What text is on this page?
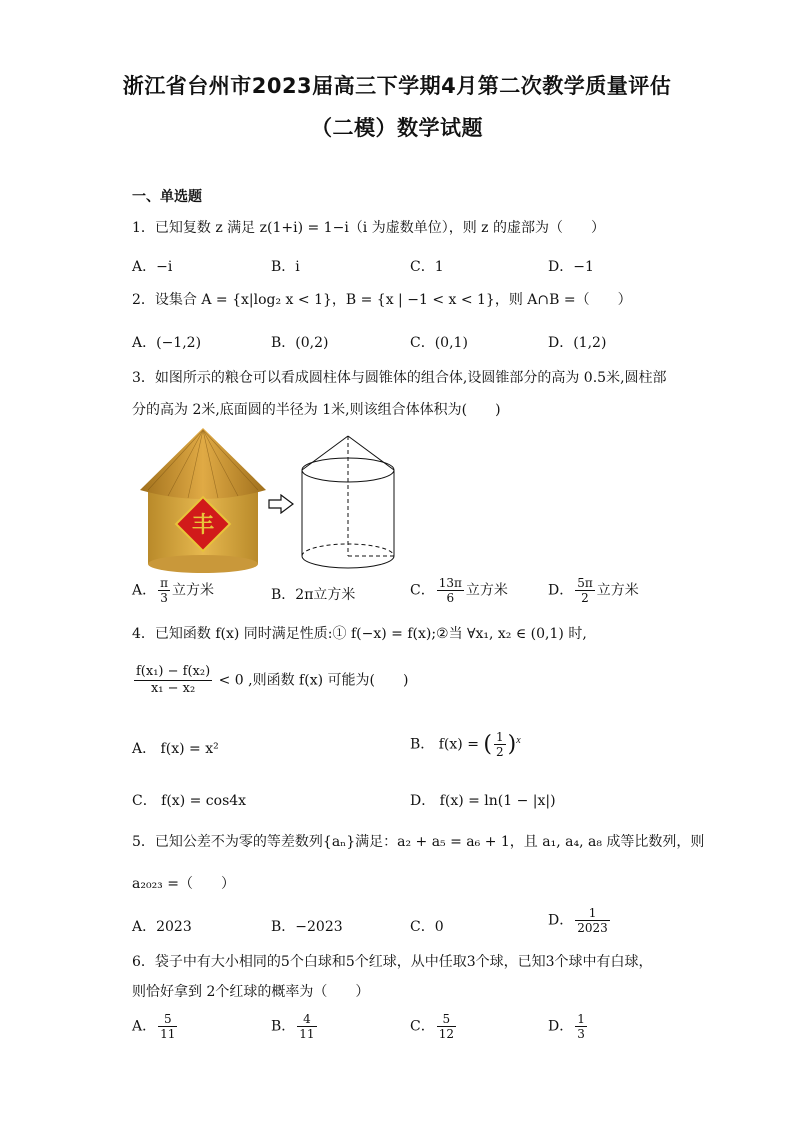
浙江省台州市2023届高三下学期4月第二次教学质量评估
（二模）数学试题
一、单选题
1．已知复数 z 满足 z(1+i) = 1−i（i 为虚数单位），则 z 的虚部为（　　）
A．−i	B．i	C．1	D．−1
2．设集合 A = {x|log₂ x < 1}，B = {x | −1 < x < 1}，则 A∩B =（　　）
A．(−1,2)	B．(0,2)	C．(0,1)	D．(1,2)
3．如图所示的粮仓可以看成圆柱体与圆锥体的组合体,设圆锥部分的高为 0.5米,圆柱部
分的高为 2米,底面圆的半径为 1米,则该组合体体积为(　　)
丰
A． $\frac{\pi}{3}$ 立方米	B．2π立方米	C． $\frac{13\pi}{6}$ 立方米	D． $\frac{5\pi}{2}$ 立方米
4．已知函数 f(x) 同时满足性质:① f(−x) = f(x);②当 ∀x₁, x₂ ∈ (0,1) 时,
$\frac{\text{f(x₁) − f(x₂)}}{\text{x₁ − x₂}} < 0$ ,则函数 f(x) 可能为(　　)
A． f(x) = x²	B． f(x) = ( $\frac{1}{2} )^x$
C． f(x) = cos4x	D． f(x) = ln(1 − |x|)
5．已知公差不为零的等差数列{aₙ}满足：a₂ + a₅ = a₆ + 1，且 a₁, a₄, a₈ 成等比数列，则
a₂₀₂₃ =（　　）
A．2023	B．−2023	C．0	D． $\frac{1}{2023}$
6．袋子中有大小相同的5个白球和5个红球，从中任取3个球，已知3个球中有白球，
则恰好拿到 2个红球的概率为（　　）
A． $\frac{5}{11}$	B． $\frac{4}{11}$	C． $\frac{5}{12}$	D． $\frac{1}{3}$
